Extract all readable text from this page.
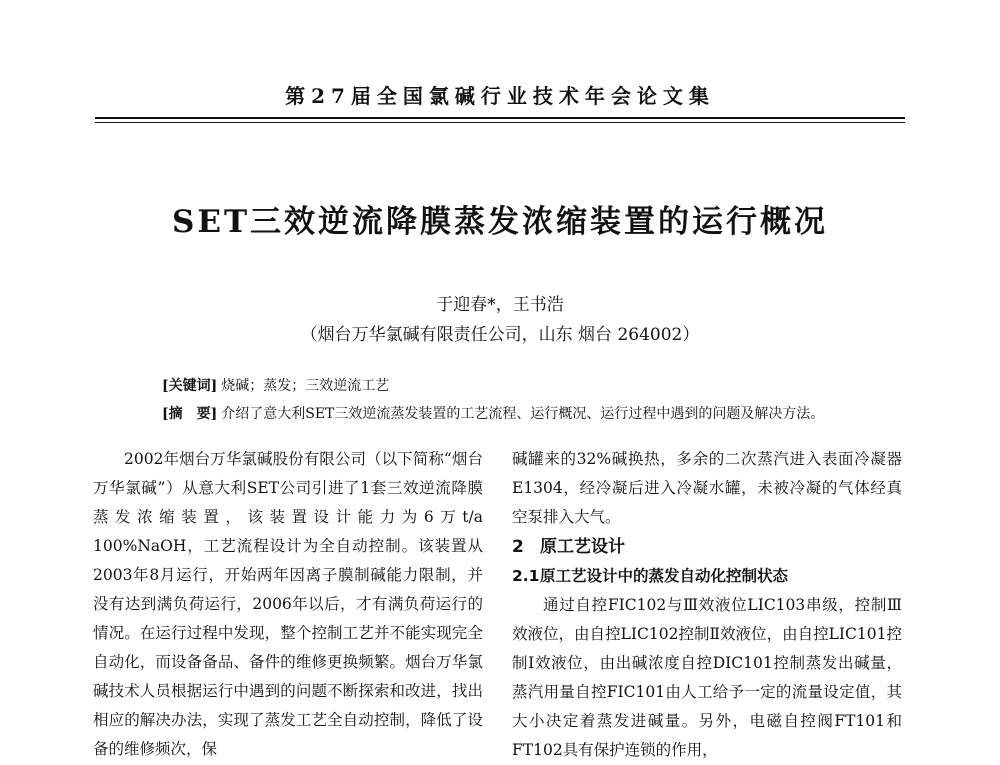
第27届全国氯碱行业技术年会论文集
SET三效逆流降膜蒸发浓缩装置的运行概况
于迎春*，王书浩
（烟台万华氯碱有限责任公司，山东 烟台 264002）
[关键词] 烧碱；蒸发；三效逆流工艺
[摘　要] 介绍了意大利SET三效逆流蒸发装置的工艺流程、运行概况、运行过程中遇到的问题及解决方法。

2002年烟台万华氯碱股份有限公司（以下简称“烟台万华氯碱”）从意大利SET公司引进了1套三效逆流降膜蒸发浓缩装置，该装置设计能力为6万t/a 100%NaOH，工艺流程设计为全自动控制。该装置从2003年8月运行，开始两年因离子膜制碱能力限制，并没有达到满负荷运行，2006年以后，才有满负荷运行的情况。在运行过程中发现，整个控制工艺并不能实现完全自动化，而设备备品、备件的维修更换频繁。烟台万华氯碱技术人员根据运行中遇到的问题不断探索和改进，找出相应的解决办法，实现了蒸发工艺全自动控制，降低了设备的维修频次，保

碱罐来的32%碱换热，多余的二次蒸汽进入表面冷凝器E1304，经冷凝后进入冷凝水罐，未被冷凝的气体经真空泵排入大气。

2 原工艺设计
2.1原工艺设计中的蒸发自动化控制状态

通过自控FIC102与Ⅲ效液位LIC103串级，控制Ⅲ效液位，由自控LIC102控制Ⅱ效液位，由自控LIC101控制Ⅰ效液位，由出碱浓度自控DIC101控制蒸发出碱量，蒸汽用量自控FIC101由人工给予一定的流量设定值，其大小决定着蒸发进碱量。另外，电磁自控阀FT101和FT102具有保护连锁的作用，
